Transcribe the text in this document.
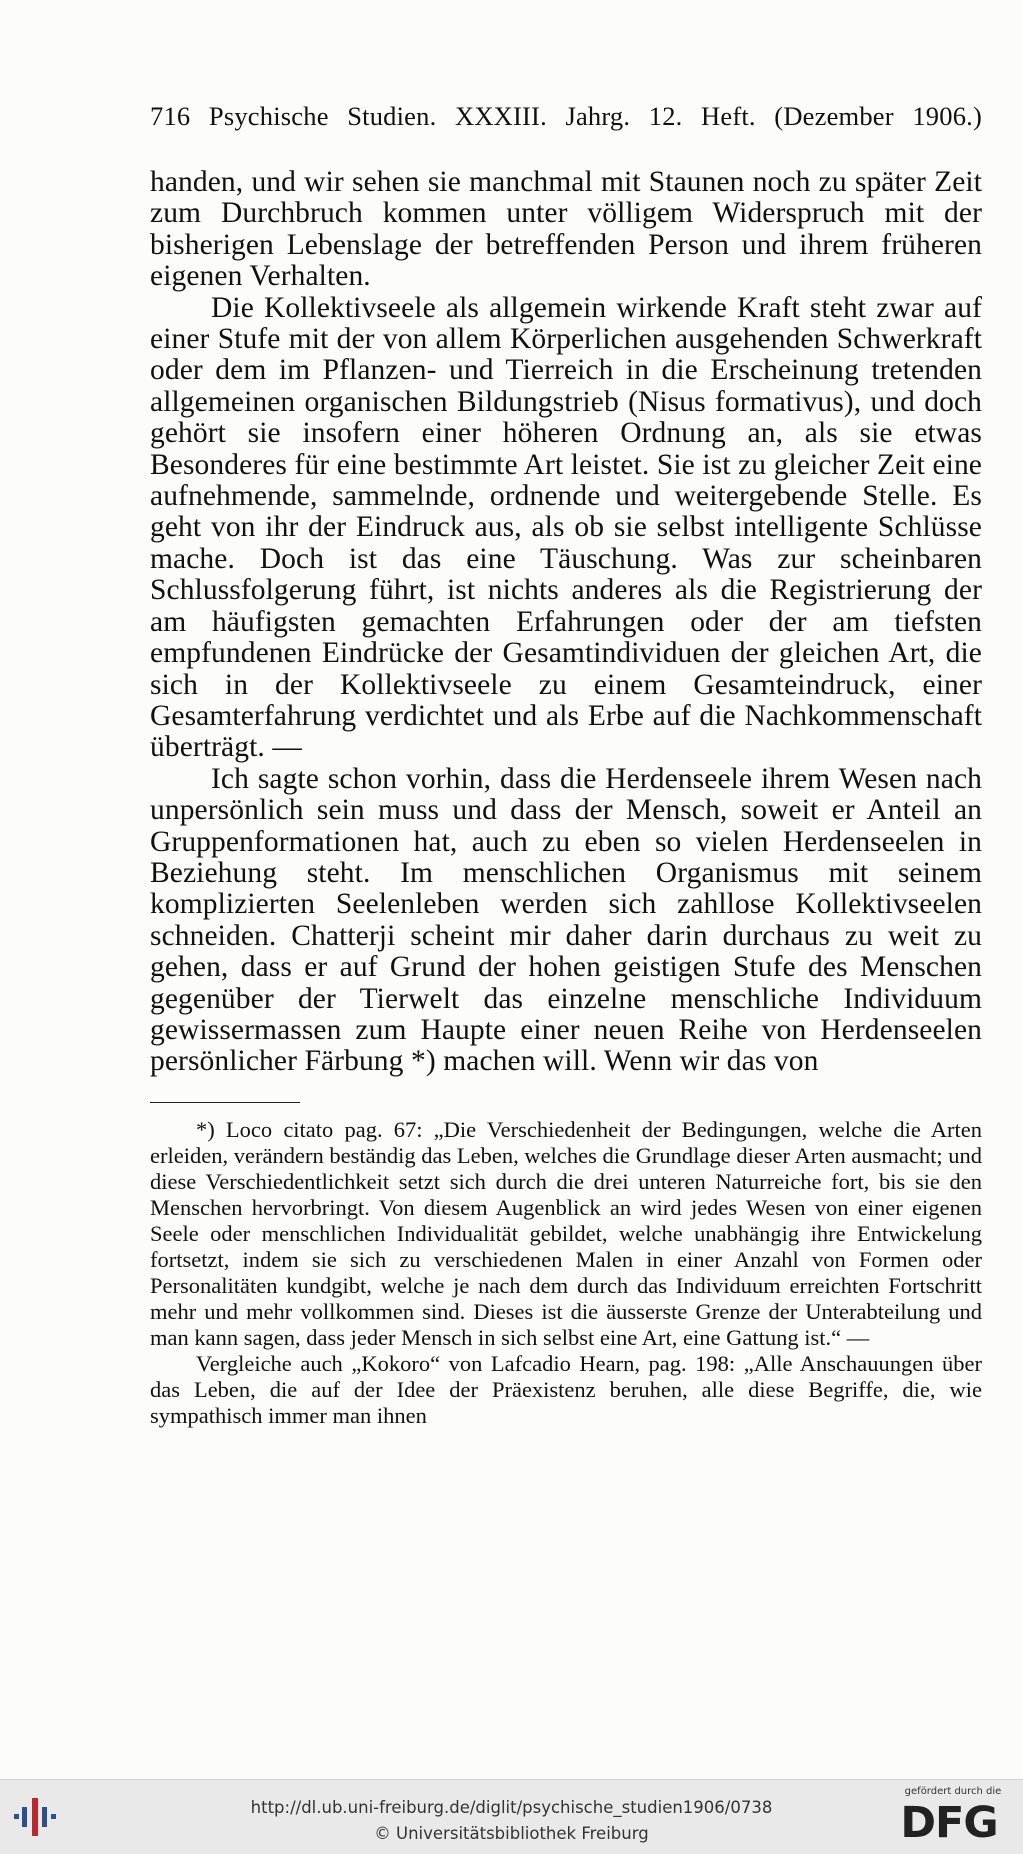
716 Psychische Studien. XXXIII. Jahrg. 12. Heft. (Dezember 1906.)

handen, und wir sehen sie manchmal mit Staunen noch zu später Zeit zum Durchbruch kommen unter völligem Widerspruch mit der bisherigen Lebenslage der betreffenden Person und ihrem früheren eigenen Verhalten.

Die Kollektivseele als allgemein wirkende Kraft steht zwar auf einer Stufe mit der von allem Körperlichen ausgehenden Schwerkraft oder dem im Pflanzen- und Tierreich in die Erscheinung tretenden allgemeinen organischen Bildungstrieb (Nisus formativus), und doch gehört sie insofern einer höheren Ordnung an, als sie etwas Besonderes für eine bestimmte Art leistet. Sie ist zu gleicher Zeit eine aufnehmende, sammelnde, ordnende und weitergebende Stelle. Es geht von ihr der Eindruck aus, als ob sie selbst intelligente Schlüsse mache. Doch ist das eine Täuschung. Was zur scheinbaren Schlussfolgerung führt, ist nichts anderes als die Registrierung der am häufigsten gemachten Erfahrungen oder der am tiefsten empfundenen Eindrücke der Gesamtindividuen der gleichen Art, die sich in der Kollektivseele zu einem Gesamteindruck, einer Gesamterfahrung verdichtet und als Erbe auf die Nachkommenschaft überträgt. —

Ich sagte schon vorhin, dass die Herdenseele ihrem Wesen nach unpersönlich sein muss und dass der Mensch, soweit er Anteil an Gruppenformationen hat, auch zu eben so vielen Herdenseelen in Beziehung steht. Im menschlichen Organismus mit seinem komplizierten Seelenleben werden sich zahllose Kollektivseelen schneiden. Chatterji scheint mir daher darin durchaus zu weit zu gehen, dass er auf Grund der hohen geistigen Stufe des Menschen gegenüber der Tierwelt das einzelne menschliche Individuum gewissermassen zum Haupte einer neuen Reihe von Herdenseelen persönlicher Färbung *) machen will. Wenn wir das von

*) Loco citato pag. 67: „Die Verschiedenheit der Bedingungen, welche die Arten erleiden, verändern beständig das Leben, welches die Grundlage dieser Arten ausmacht; und diese Verschiedentlichkeit setzt sich durch die drei unteren Naturreiche fort, bis sie den Menschen hervorbringt. Von diesem Augenblick an wird jedes Wesen von einer eigenen Seele oder menschlichen Individualität gebildet, welche unabhängig ihre Entwickelung fortsetzt, indem sie sich zu verschiedenen Malen in einer Anzahl von Formen oder Personalitäten kundgibt, welche je nach dem durch das Individuum erreichten Fortschritt mehr und mehr vollkommen sind. Dieses ist die äusserste Grenze der Unterabteilung und man kann sagen, dass jeder Mensch in sich selbst eine Art, eine Gattung ist.“ —

Vergleiche auch „Kokoro“ von Lafcadio Hearn, pag. 198: „Alle Anschauungen über das Leben, die auf der Idee der Präexistenz beruhen, alle diese Begriffe, die, wie sympathisch immer man ihnen

http://dl.ub.uni-freiburg.de/diglit/psychische_studien1906/0738
© Universitätsbibliothek Freiburg
gefördert durch die
DFG
